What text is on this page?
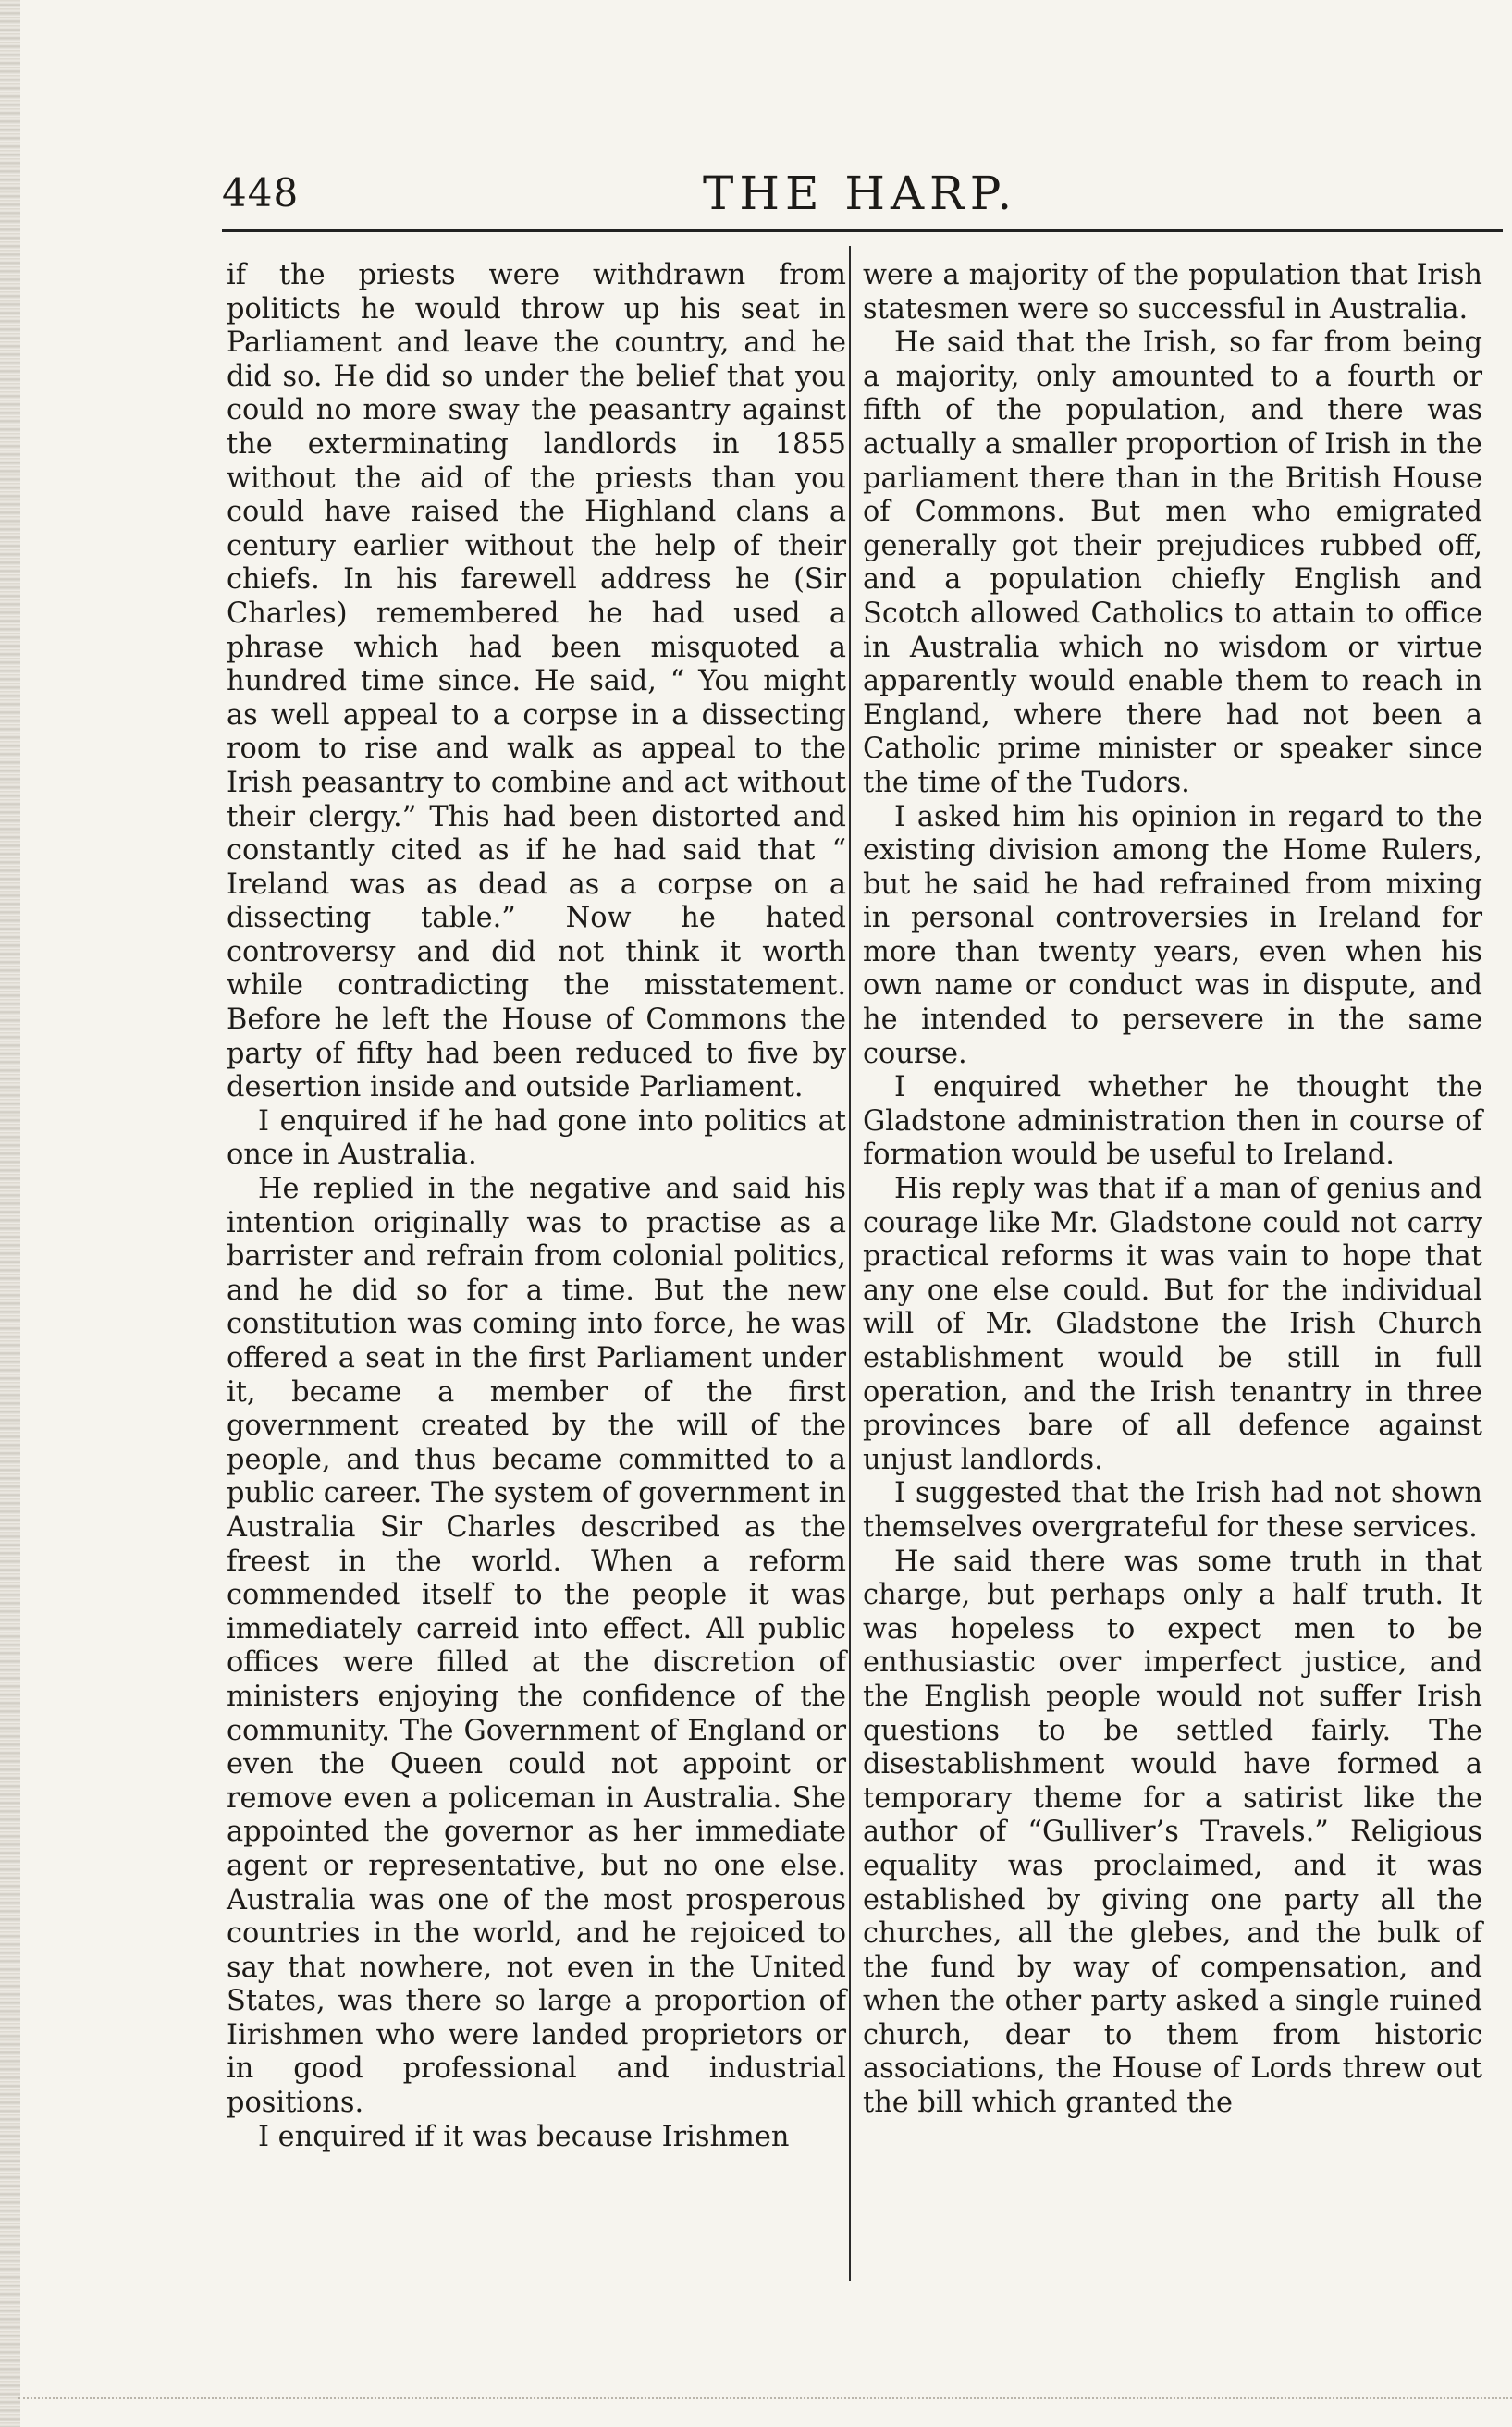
448	THE HARP.

if the priests were withdrawn from politicts he would throw up his seat in Parliament and leave the country, and he did so. He did so under the belief that you could no more sway the peasantry against the exterminating landlords in 1855 without the aid of the priests than you could have raised the Highland clans a century earlier without the help of their chiefs. In his farewell address he (Sir Charles) remembered he had used a phrase which had been misquoted a hundred time since. He said, “ You might as well appeal to a corpse in a dissecting room to rise and walk as appeal to the Irish peasantry to combine and act without their clergy.” This had been distorted and constantly cited as if he had said that “ Ireland was as dead as a corpse on a dissecting table.” Now he hated controversy and did not think it worth while contradicting the misstatement. Before he left the House of Commons the party of fifty had been reduced to five by desertion inside and outside Parliament.

I enquired if he had gone into politics at once in Australia.

He replied in the negative and said his intention originally was to practise as a barrister and refrain from colonial politics, and he did so for a time. But the new constitution was coming into force, he was offered a seat in the first Parliament under it, became a member of the first government created by the will of the people, and thus became committed to a public career. The system of government in Australia Sir Charles described as the freest in the world. When a reform commended itself to the people it was immediately carreid into effect. All public offices were filled at the discretion of ministers enjoying the confidence of the community. The Government of England or even the Queen could not appoint or remove even a policeman in Australia. She appointed the governor as her immediate agent or representative, but no one else. Australia was one of the most prosperous countries in the world, and he rejoiced to say that nowhere, not even in the United States, was there so large a proportion of Iirishmen who were landed proprietors or in good professional and industrial positions.

I enquired if it was because Irishmen

were a majority of the population that Irish statesmen were so successful in Australia.

He said that the Irish, so far from being a majority, only amounted to a fourth or fifth of the population, and there was actually a smaller proportion of Irish in the parliament there than in the British House of Commons. But men who emigrated generally got their prejudices rubbed off, and a population chiefly English and Scotch allowed Catholics to attain to office in Australia which no wisdom or virtue apparently would enable them to reach in England, where there had not been a Catholic prime minister or speaker since the time of the Tudors.

I asked him his opinion in regard to the existing division among the Home Rulers, but he said he had refrained from mixing in personal controversies in Ireland for more than twenty years, even when his own name or conduct was in dispute, and he intended to persevere in the same course.

I enquired whether he thought the Gladstone administration then in course of formation would be useful to Ireland.

His reply was that if a man of genius and courage like Mr. Gladstone could not carry practical reforms it was vain to hope that any one else could. But for the individual will of Mr. Gladstone the Irish Church establishment would be still in full operation, and the Irish tenantry in three provinces bare of all defence against unjust landlords.

I suggested that the Irish had not shown themselves overgrateful for these services.

He said there was some truth in that charge, but perhaps only a half truth. It was hopeless to expect men to be enthusiastic over imperfect justice, and the English people would not suffer Irish questions to be settled fairly. The disestablishment would have formed a temporary theme for a satirist like the author of “Gulliver’s Travels.” Religious equality was proclaimed, and it was established by giving one party all the churches, all the glebes, and the bulk of the fund by way of compensation, and when the other party asked a single ruined church, dear to them from historic associations, the House of Lords threw out the bill which granted the
